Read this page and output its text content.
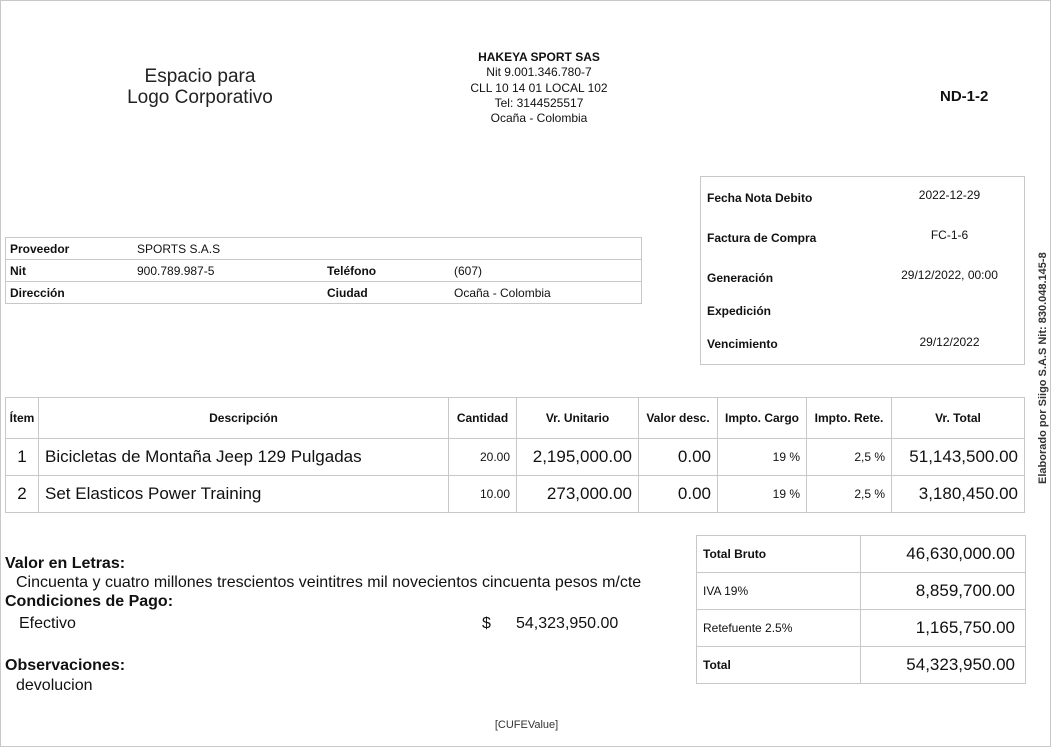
Espacio para
Logo Corporativo
HAKEYA SPORT SAS
Nit 9.001.346.780-7
CLL 10 14 01 LOCAL 102
Tel: 3144525517
Ocaña - Colombia
ND-1-2
Proveedor	SPORTS S.A.S		
Nit	900.789.987-5	Teléfono	(607)
Dirección		Ciudad	Ocaña - Colombia
Fecha Nota Debito	2022-12-29
Factura de Compra	FC-1-6
Generación	29/12/2022, 00:00
Expedición
Vencimiento	29/12/2022	Elaborado por Siigo S.A.S Nit: 830.048.145-8
Ítem	Descripción	Cantidad	Vr. Unitario	Valor desc.	Impto. Cargo	Impto. Rete.	Vr. Total
1	Bicicletas de Montaña Jeep 129 Pulgadas	20.00	2,195,000.00	0.00	19 %	2,5 %	51,143,500.00
2	Set Elasticos Power Training	10.00	273,000.00	0.00	19 %	2,5 %	3,180,450.00
Valor en Letras:
Cincuenta y cuatro millones trescientos veintitres mil novecientos cincuenta pesos m/cte
Condiciones de Pago:
Efectivo	$ 54,323,950.00
Observaciones:
devolucion
Total Bruto	46,630,000.00
IVA 19%	8,859,700.00
Retefuente 2.5%	1,165,750.00
Total	54,323,950.00
[CUFEValue]
